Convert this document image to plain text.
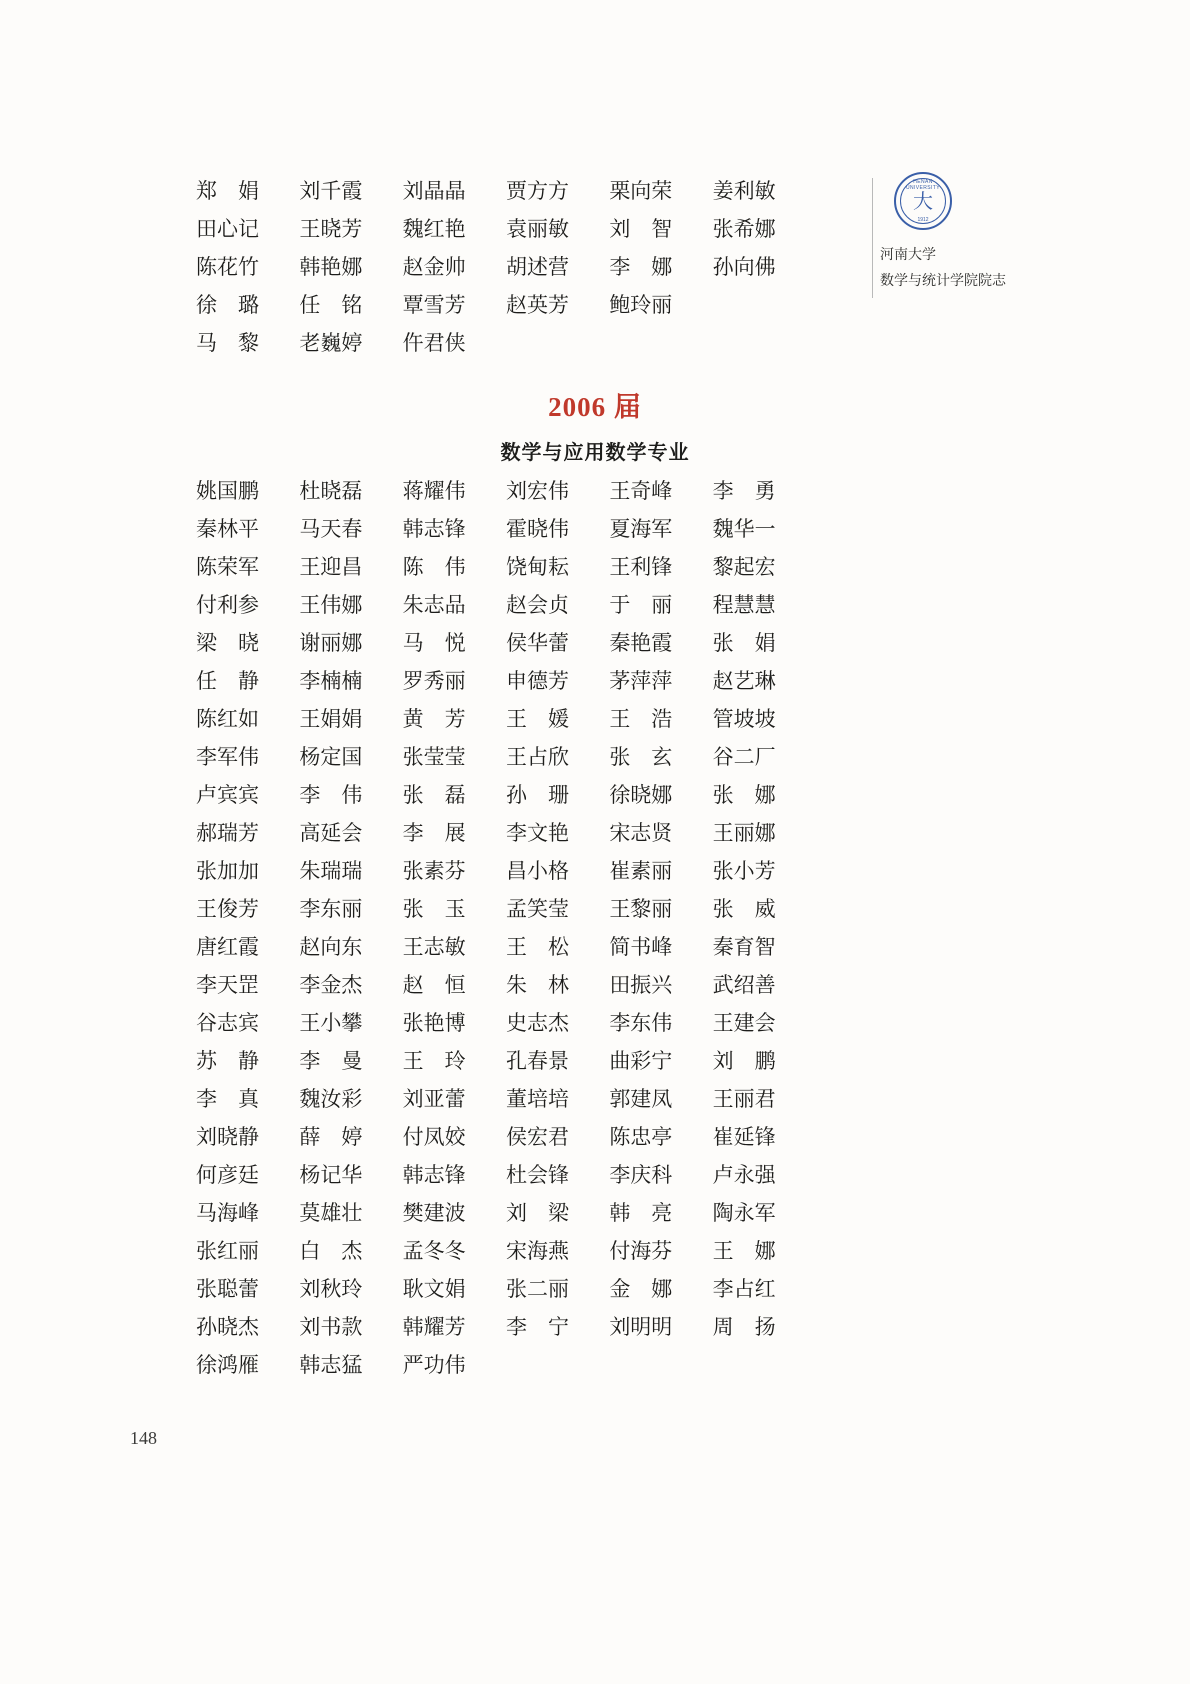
HENAN UNIVERSITY
大
1912
河南大学
数学与统计学院院志
郑　娟	刘千霞	刘晶晶	贾方方	栗向荣	姜利敏
田心记	王晓芳	魏红艳	袁丽敏	刘　智	张希娜
陈花竹	韩艳娜	赵金帅	胡述营	李　娜	孙向佛
徐　璐	任　铭	覃雪芳	赵英芳	鲍玲丽
马　黎	老巍婷	仵君侠
2006 届
数学与应用数学专业
姚国鹏	杜晓磊	蒋耀伟	刘宏伟	王奇峰	李　勇
秦林平	马天春	韩志锋	霍晓伟	夏海军	魏华一
陈荣军	王迎昌	陈　伟	饶甸耘	王利锋	黎起宏
付利参	王伟娜	朱志品	赵会贞	于　丽	程慧慧
梁　晓	谢丽娜	马　悦	侯华蕾	秦艳霞	张　娟
任　静	李楠楠	罗秀丽	申德芳	茅萍萍	赵艺琳
陈红如	王娟娟	黄　芳	王　媛	王　浩	管坡坡
李军伟	杨定国	张莹莹	王占欣	张　玄	谷二厂
卢宾宾	李　伟	张　磊	孙　珊	徐晓娜	张　娜
郝瑞芳	高延会	李　展	李文艳	宋志贤	王丽娜
张加加	朱瑞瑞	张素芬	昌小格	崔素丽	张小芳
王俊芳	李东丽	张　玉	孟笑莹	王黎丽	张　威
唐红霞	赵向东	王志敏	王　松	简书峰	秦育智
李天罡	李金杰	赵　恒	朱　林	田振兴	武绍善
谷志宾	王小攀	张艳博	史志杰	李东伟	王建会
苏　静	李　曼	王　玲	孔春景	曲彩宁	刘　鹏
李　真	魏汝彩	刘亚蕾	董培培	郭建凤	王丽君
刘晓静	薛　婷	付凤姣	侯宏君	陈忠亭	崔延锋
何彦廷	杨记华	韩志锋	杜会锋	李庆科	卢永强
马海峰	莫雄壮	樊建波	刘　梁	韩　亮	陶永军
张红丽	白　杰	孟冬冬	宋海燕	付海芬	王　娜
张聪蕾	刘秋玲	耿文娟	张二丽	金　娜	李占红
孙晓杰	刘书款	韩耀芳	李　宁	刘明明	周　扬
徐鸿雁	韩志猛	严功伟
148
